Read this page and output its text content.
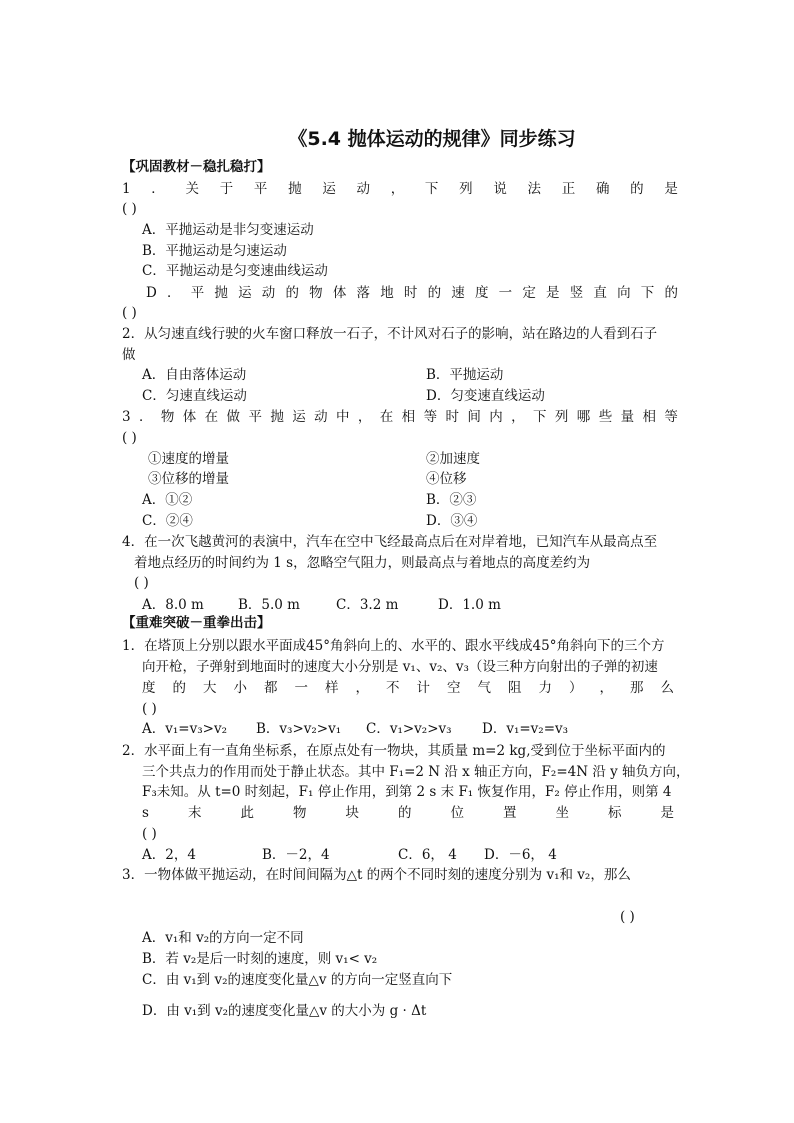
《5.4 抛体运动的规律》同步练习
【巩固教材－稳扎稳打】
1 ． 关 于 平 抛 运 动 ， 下 列 说 法 正 确 的 是
( )
A．平抛运动是非匀变速运动
B．平抛运动是匀速运动
C．平抛运动是匀变速曲线运动
D ． 平 抛 运 动 的 物 体 落 地 时 的 速 度 一 定 是 竖 直 向 下 的
( )
2．从匀速直线行驶的火车窗口释放一石子，不计风对石子的影响，站在路边的人看到石子
做
A．自由落体运动	B．平抛运动
C．匀速直线运动	D．匀变速直线运动
3 ． 物 体 在 做 平 抛 运 动 中 ， 在 相 等 时 间 内 ， 下 列 哪 些 量 相 等
( )
①速度的增量	②加速度
③位移的增量	④位移
A．①②	B．②③
C．②④	D．③④
4．在一次飞越黄河的表演中，汽车在空中飞经最高点后在对岸着地，已知汽车从最高点至
着地点经历的时间约为 1 s，忽略空气阻力，则最高点与着地点的高度差约为
( )
A．8.0 m	B．5.0 m	C．3.2 m	D．1.0 m
【重难突破－重拳出击】
1．在塔顶上分别以跟水平面成45°角斜向上的、水平的、跟水平线成45°角斜向下的三个方
向开枪，子弹射到地面时的速度大小分别是 v₁、v₂、v₃（设三种方向射出的子弹的初速
度 的 大 小 都 一 样 ， 不 计 空 气 阻 力 ） ， 那 么
( )
A．v₁=v₃>v₂ B．v₃>v₂>v₁ C．v₁>v₂>v₃ D．v₁=v₂=v₃
2．水平面上有一直角坐标系，在原点处有一物块，其质量 m=2 kg,受到位于坐标平面内的
三个共点力的作用而处于静止状态。其中 F₁=2 N 沿 x 轴正方向，F₂=4N 沿 y 轴负方向，
F₃未知。从 t=0 时刻起，F₁ 停止作用，到第 2 s 末 F₁ 恢复作用，F₂ 停止作用，则第 4
s	末	此	物	块	的	位	置	坐	标	是
( )
A．2，4	B．－2，4	C．6， 4 D．－6， 4
3．一物体做平抛运动，在时间间隔为△t 的两个不同时刻的速度分别为 v₁和 v₂，那么
( )
A．v₁和 v₂的方向一定不同
B．若 v₂是后一时刻的速度，则 v₁< v₂
C．由 v₁到 v₂的速度变化量△v 的方向一定竖直向下
D．由 v₁到 v₂的速度变化量△v 的大小为 g · Δt
